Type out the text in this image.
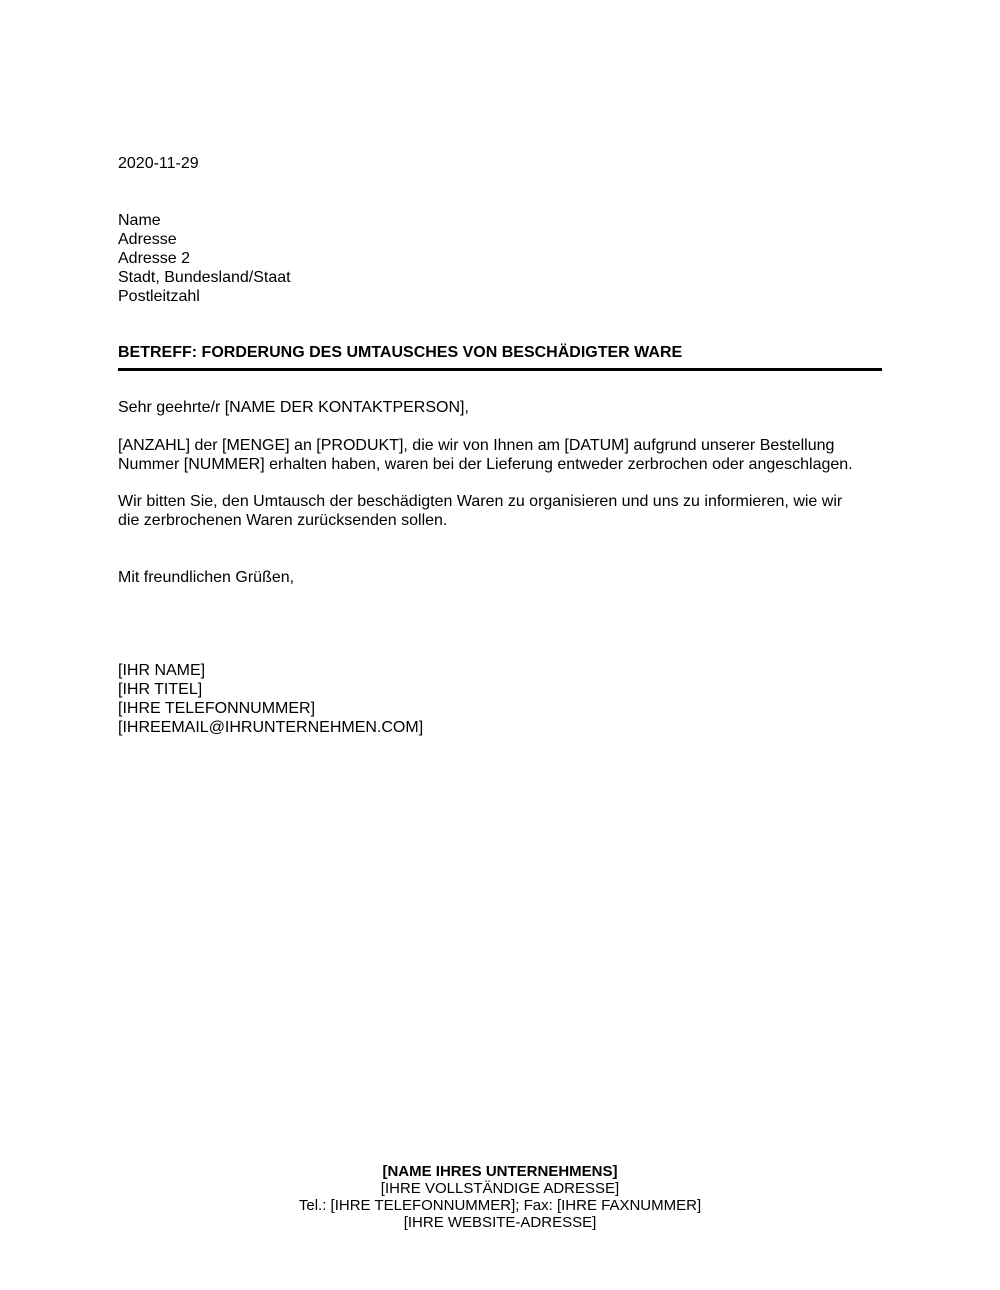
2020-11-29
Name
Adresse
Adresse 2
Stadt, Bundesland/Staat
Postleitzahl
BETREFF: FORDERUNG DES UMTAUSCHES VON BESCHÄDIGTER WARE
Sehr geehrte/r [NAME DER KONTAKTPERSON],
[ANZAHL] der [MENGE] an [PRODUKT], die wir von Ihnen am [DATUM] aufgrund unserer Bestellung
Nummer [NUMMER] erhalten haben, waren bei der Lieferung entweder zerbrochen oder angeschlagen.
Wir bitten Sie, den Umtausch der beschädigten Waren zu organisieren und uns zu informieren, wie wir
die zerbrochenen Waren zurücksenden sollen.
Mit freundlichen Grüßen,
[IHR NAME]
[IHR TITEL]
[IHRE TELEFONNUMMER]
[IHREEMAIL@IHRUNTERNEHMEN.COM]
[NAME IHRES UNTERNEHMENS]
[IHRE VOLLSTÄNDIGE ADRESSE]
Tel.: [IHRE TELEFONNUMMER]; Fax: [IHRE FAXNUMMER]
[IHRE WEBSITE-ADRESSE]
